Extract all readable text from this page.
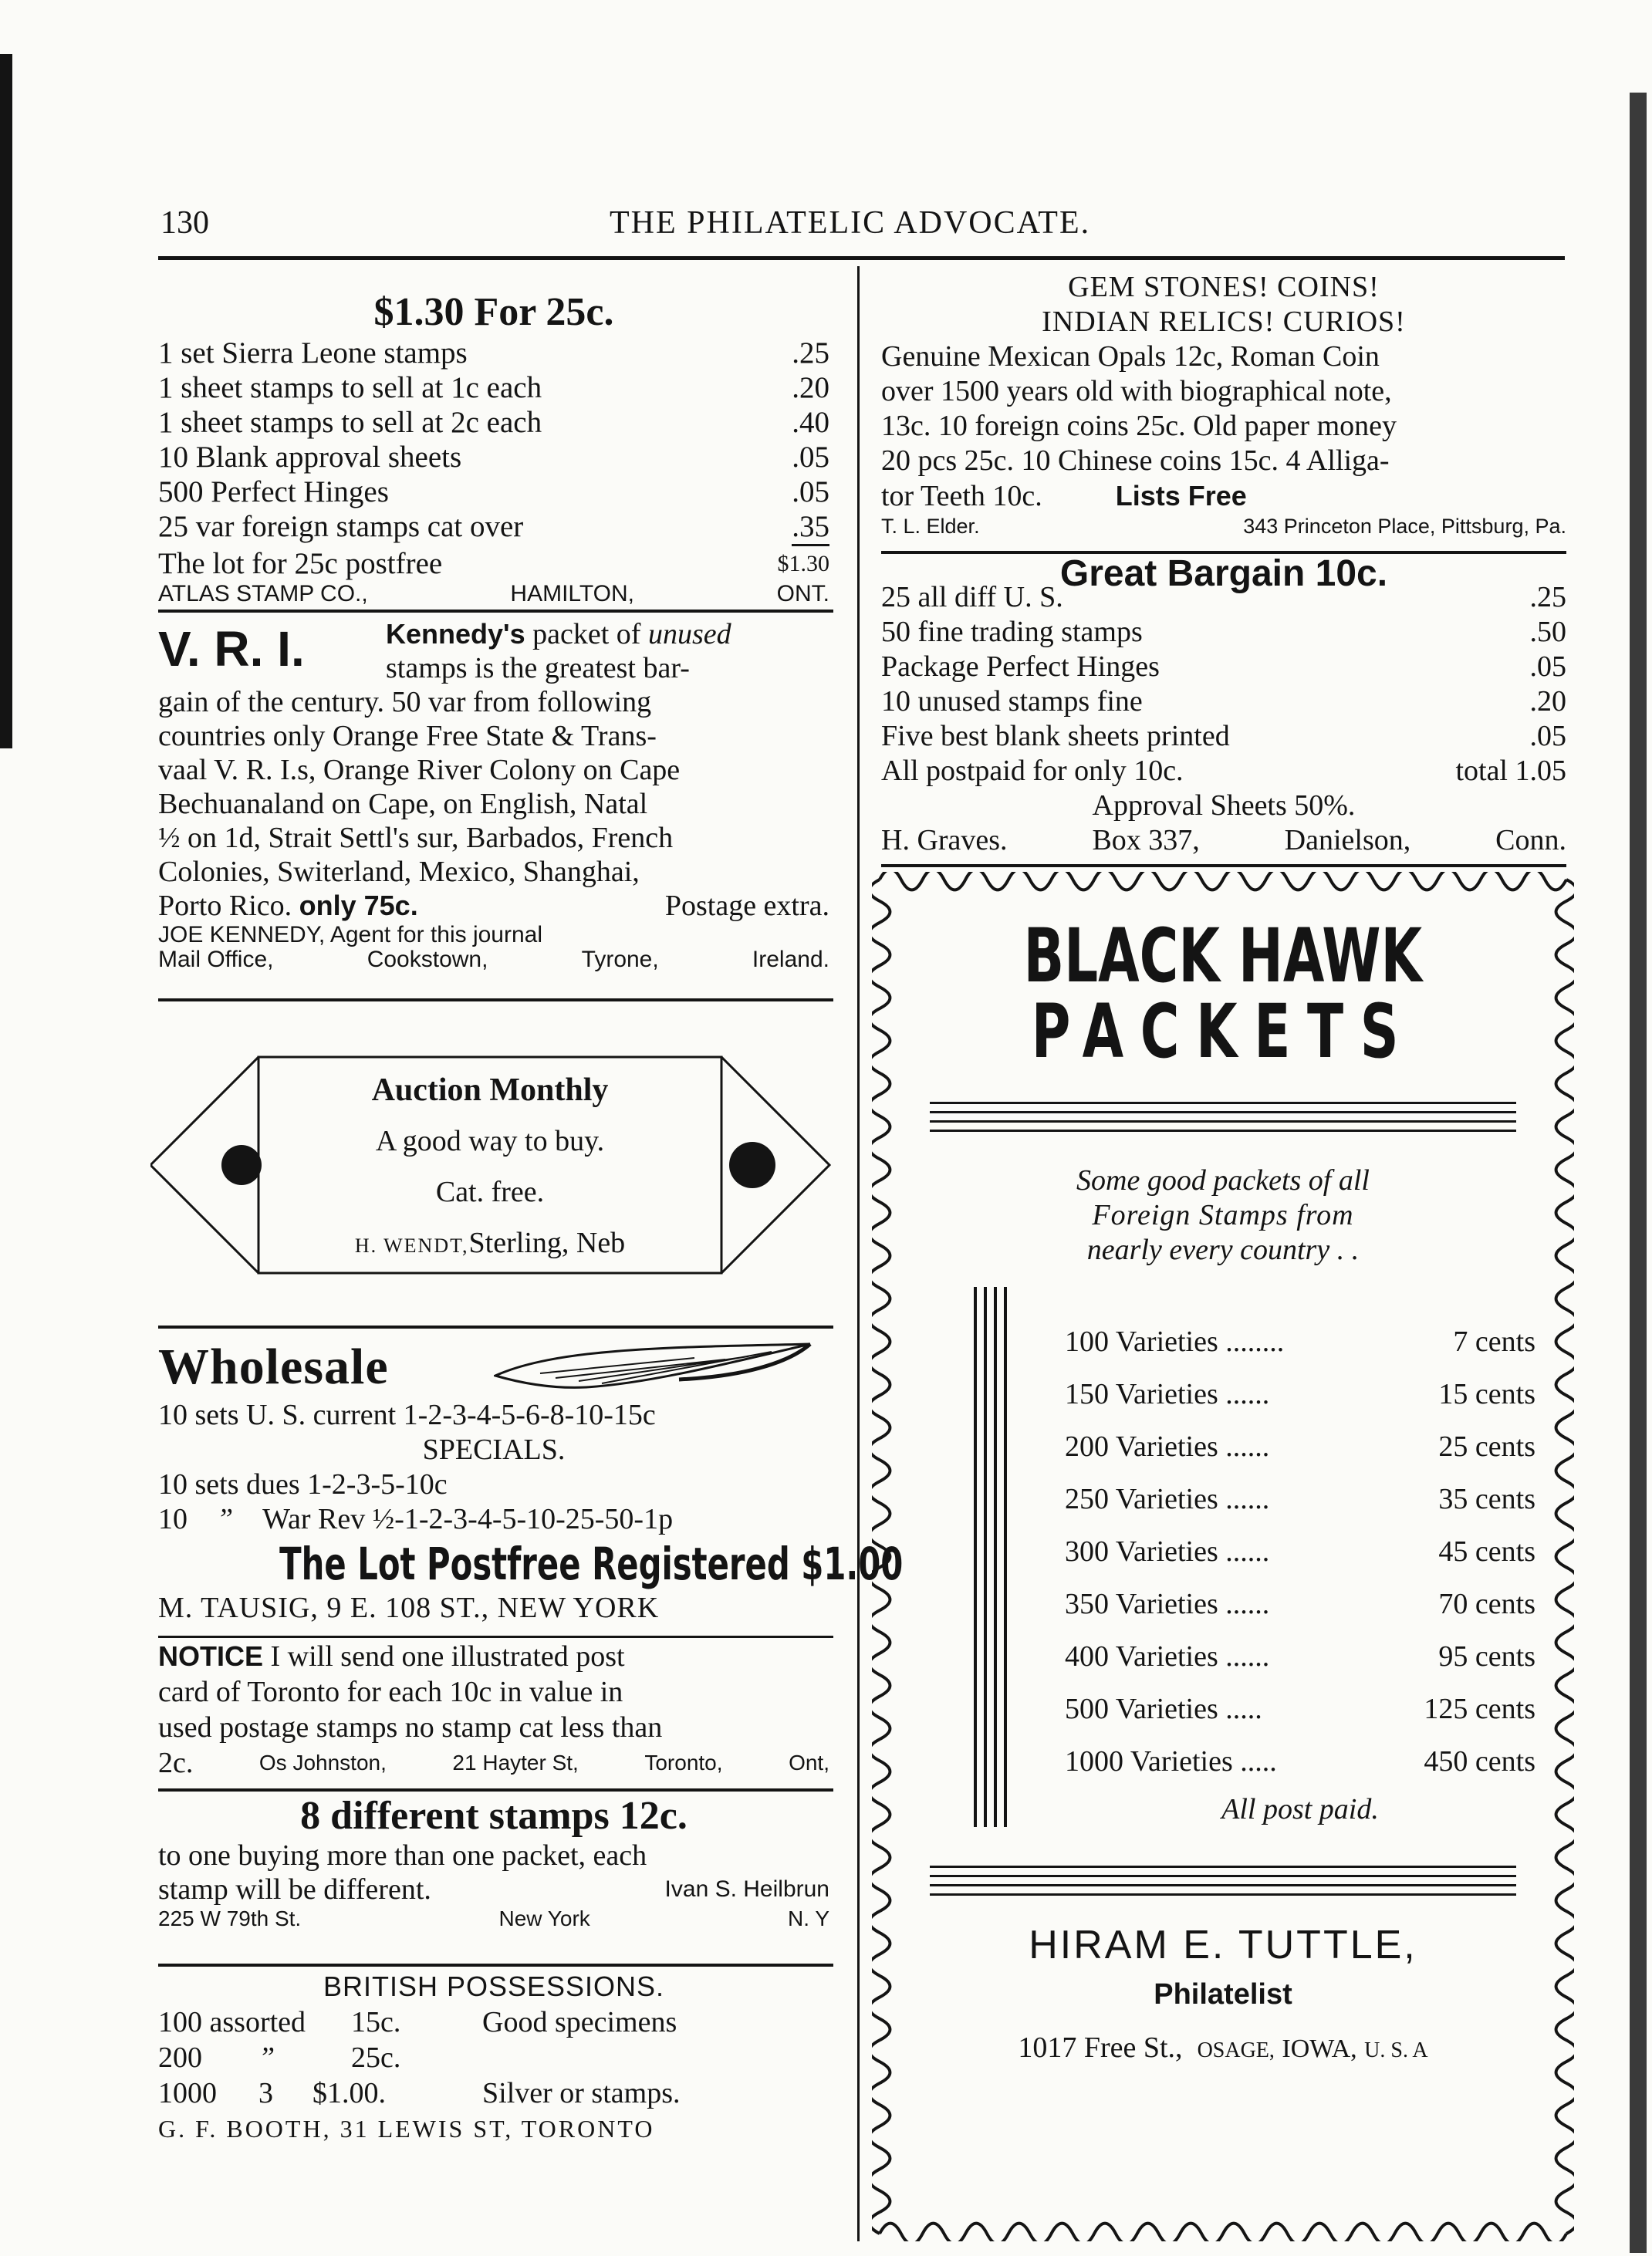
130	THE PHILATELIC ADVOCATE.
$1.30 For 25c.
1 set Sierra Leone stamps	.25
1 sheet stamps to sell at 1c each	.20
1 sheet stamps to sell at 2c each	.40
10 Blank approval sheets	.05
500 Perfect Hinges	.05
25 var foreign stamps cat over	.35
The lot for 25c postfree	$1.30
ATLAS STAMP CO.,	HAMILTON,	ONT.
V. R. I.	Kennedy's packet of unused
stamps is the greatest bar-
gain of the century. 50 var from following
countries only Orange Free State & Trans-
vaal V. R. I.s, Orange River Colony on Cape
Bechuanaland on Cape, on English, Natal
½ on 1d, Strait Settl's sur, Barbados, French
Colonies, Switerland, Mexico, Shanghai,
Porto Rico. only 75c.	Postage extra.
JOE KENNEDY, Agent for this journal
Mail Office,	Cookstown,	Tyrone,	Ireland.
Auction Monthly
A good way to buy.
Cat. free.
H. WENDT,Sterling, Neb
Wholesale
10 sets U. S. current 1-2-3-4-5-6-8-10-15c
SPECIALS.
10 sets dues 1-2-3-5-10c
10 ” War Rev ½-1-2-3-4-5-10-25-50-1p
The Lot Postfree Registered $1.00
M. TAUSIG, 9 E. 108 ST., NEW YORK
NOTICE I will send one illustrated post
card of Toronto for each 10c in value in
used postage stamps no stamp cat less than
2c.	Os Johnston,	21 Hayter St,	Toronto,	Ont,
8 different stamps 12c.
to one buying more than one packet, each
stamp will be different.	Ivan S. Heilbrun
225 W 79th St.	New York	N. Y
BRITISH POSSESSIONS.
100 assorted 15c.	Good specimens
200 ”	25c.
1000 3 $1.00.	Silver or stamps.
G. F. BOOTH, 31 LEWIS ST, TORONTO
GEM STONES! COINS!
INDIAN RELICS! CURIOS!
Genuine Mexican Opals 12c, Roman Coin
over 1500 years old with biographical note,
13c. 10 foreign coins 25c. Old paper money
20 pcs 25c. 10 Chinese coins 15c. 4 Alliga-
tor Teeth 10c.	Lists Free
T. L. Elder.	343 Princeton Place, Pittsburg, Pa.
Great Bargain 10c.
25 all diff U. S.	.25
50 fine trading stamps	.50
Package Perfect Hinges	.05
10 unused stamps fine	.20
Five best blank sheets printed	.05
All postpaid for only 10c.	total 1.05
Approval Sheets 50%.
H. Graves.	Box 337,	Danielson,	Conn.
BLACK HAWK
PACKETS
Some good packets of all
Foreign Stamps from
nearly every country . .
100 Varieties ........	7 cents
150 Varieties ......	15 cents
200 Varieties ......	25 cents
250 Varieties ......	35 cents
300 Varieties ......	45 cents
350 Varieties ......	70 cents
400 Varieties ......	95 cents
500 Varieties .....	125 cents
1000 Varieties .....	450 cents
All post paid.
HIRAM E. TUTTLE,
Philatelist
1017 Free St., OSAGE, IOWA, U. S. A
